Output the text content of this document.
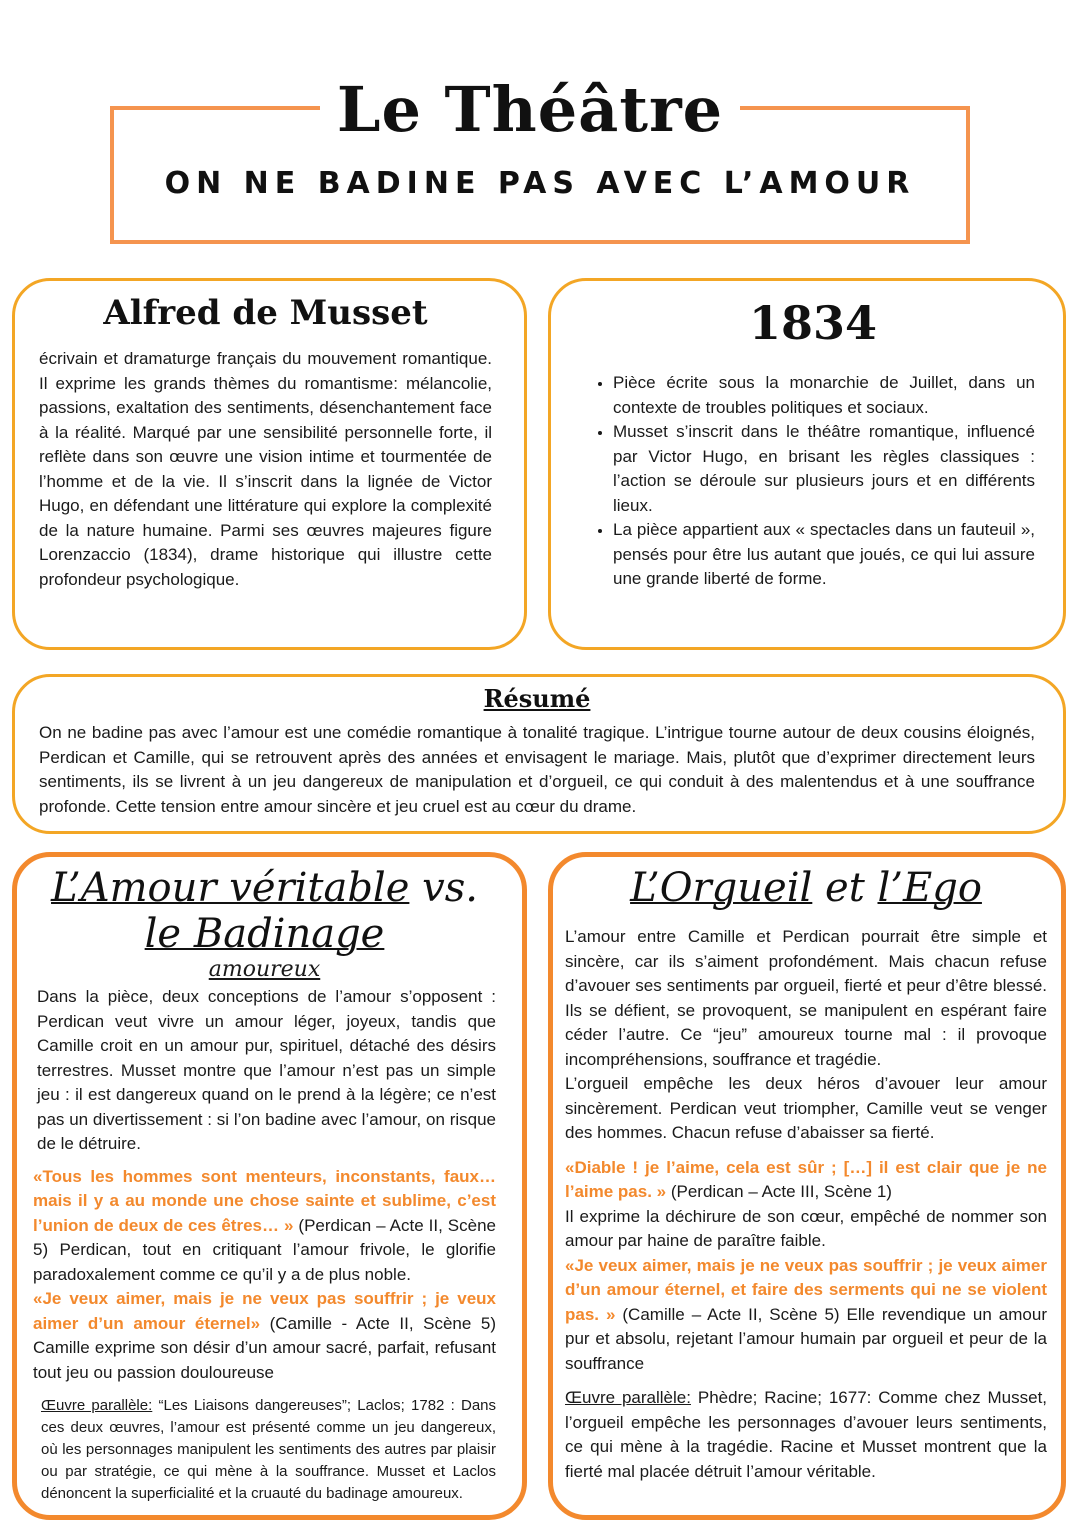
Le Théâtre
ON NE BADINE PAS AVEC L’AMOUR
Alfred de Musset

écrivain et dramaturge français du mouvement romantique. Il exprime les grands thèmes du romantisme: mélancolie, passions, exaltation des sentiments, désenchantement face à la réalité. Marqué par une sensibilité personnelle forte, il reflète dans son œuvre une vision intime et tourmentée de l’homme et de la vie. Il s’inscrit dans la lignée de Victor Hugo, en défendant une littérature qui explore la complexité de la nature humaine. Parmi ses œuvres majeures figure Lorenzaccio (1834), drame historique qui illustre cette profondeur psychologique.

1834
• Pièce écrite sous la monarchie de Juillet, dans un contexte de troubles politiques et sociaux.
• Musset s’inscrit dans le théâtre romantique, influencé par Victor Hugo, en brisant les règles classiques : l’action se déroule sur plusieurs jours et en différents lieux.
• La pièce appartient aux « spectacles dans un fauteuil », pensés pour être lus autant que joués, ce qui lui assure une grande liberté de forme.
Résumé

On ne badine pas avec l’amour est une comédie romantique à tonalité tragique. L’intrigue tourne autour de deux cousins éloignés, Perdican et Camille, qui se retrouvent après des années et envisagent le mariage. Mais, plutôt que d’exprimer directement leurs sentiments, ils se livrent à un jeu dangereux de manipulation et d’orgueil, ce qui conduit à des malentendus et à une souffrance profonde. Cette tension entre amour sincère et jeu cruel est au cœur du drame.

L’Amour véritable vs. le Badinage

amoureux

Dans la pièce, deux conceptions de l’amour s’opposent : Perdican veut vivre un amour léger, joyeux, tandis que Camille croit en un amour pur, spirituel, détaché des désirs terrestres. Musset montre que l’amour n’est pas un simple jeu : il est dangereux quand on le prend à la légère; ce n’est pas un divertissement : si l’on badine avec l’amour, on risque de le détruire.

«Tous les hommes sont menteurs, inconstants, faux… mais il y a au monde une chose sainte et sublime, c’est l’union de deux de ces êtres… » (Perdican – Acte II, Scène 5) Perdican, tout en critiquant l’amour frivole, le glorifie paradoxalement comme ce qu’il y a de plus noble.

«Je veux aimer, mais je ne veux pas souffrir ; je veux aimer d’un amour éternel» (Camille - Acte II, Scène 5) Camille exprime son désir d’un amour sacré, parfait, refusant tout jeu ou passion douloureuse

Œuvre parallèle: “Les Liaisons dangereuses”; Laclos; 1782 : Dans ces deux œuvres, l’amour est présenté comme un jeu dangereux, où les personnages manipulent les sentiments des autres par plaisir ou par stratégie, ce qui mène à la souffrance. Musset et Laclos dénoncent la superficialité et la cruauté du badinage amoureux.

L’Orgueil et l’Ego

L’amour entre Camille et Perdican pourrait être simple et sincère, car ils s’aiment profondément. Mais chacun refuse d’avouer ses sentiments par orgueil, fierté et peur d’être blessé. Ils se défient, se provoquent, se manipulent en espérant faire céder l’autre. Ce “jeu” amoureux tourne mal : il provoque incompréhensions, souffrance et tragédie.

L’orgueil empêche les deux héros d’avouer leur amour sincèrement. Perdican veut triompher, Camille veut se venger des hommes. Chacun refuse d’abaisser sa fierté.

«Diable ! je l’aime, cela est sûr ; […] il est clair que je ne l’aime pas. » (Perdican – Acte III, Scène 1)

Il exprime la déchirure de son cœur, empêché de nommer son amour par haine de paraître faible.

«Je veux aimer, mais je ne veux pas souffrir ; je veux aimer d’un amour éternel, et faire des serments qui ne se violent pas. » (Camille – Acte II, Scène 5) Elle revendique un amour pur et absolu, rejetant l’amour humain par orgueil et peur de la souffrance

Œuvre parallèle: Phèdre; Racine; 1677: Comme chez Musset, l’orgueil empêche les personnages d’avouer leurs sentiments, ce qui mène à la tragédie. Racine et Musset montrent que la fierté mal placée détruit l’amour véritable.
